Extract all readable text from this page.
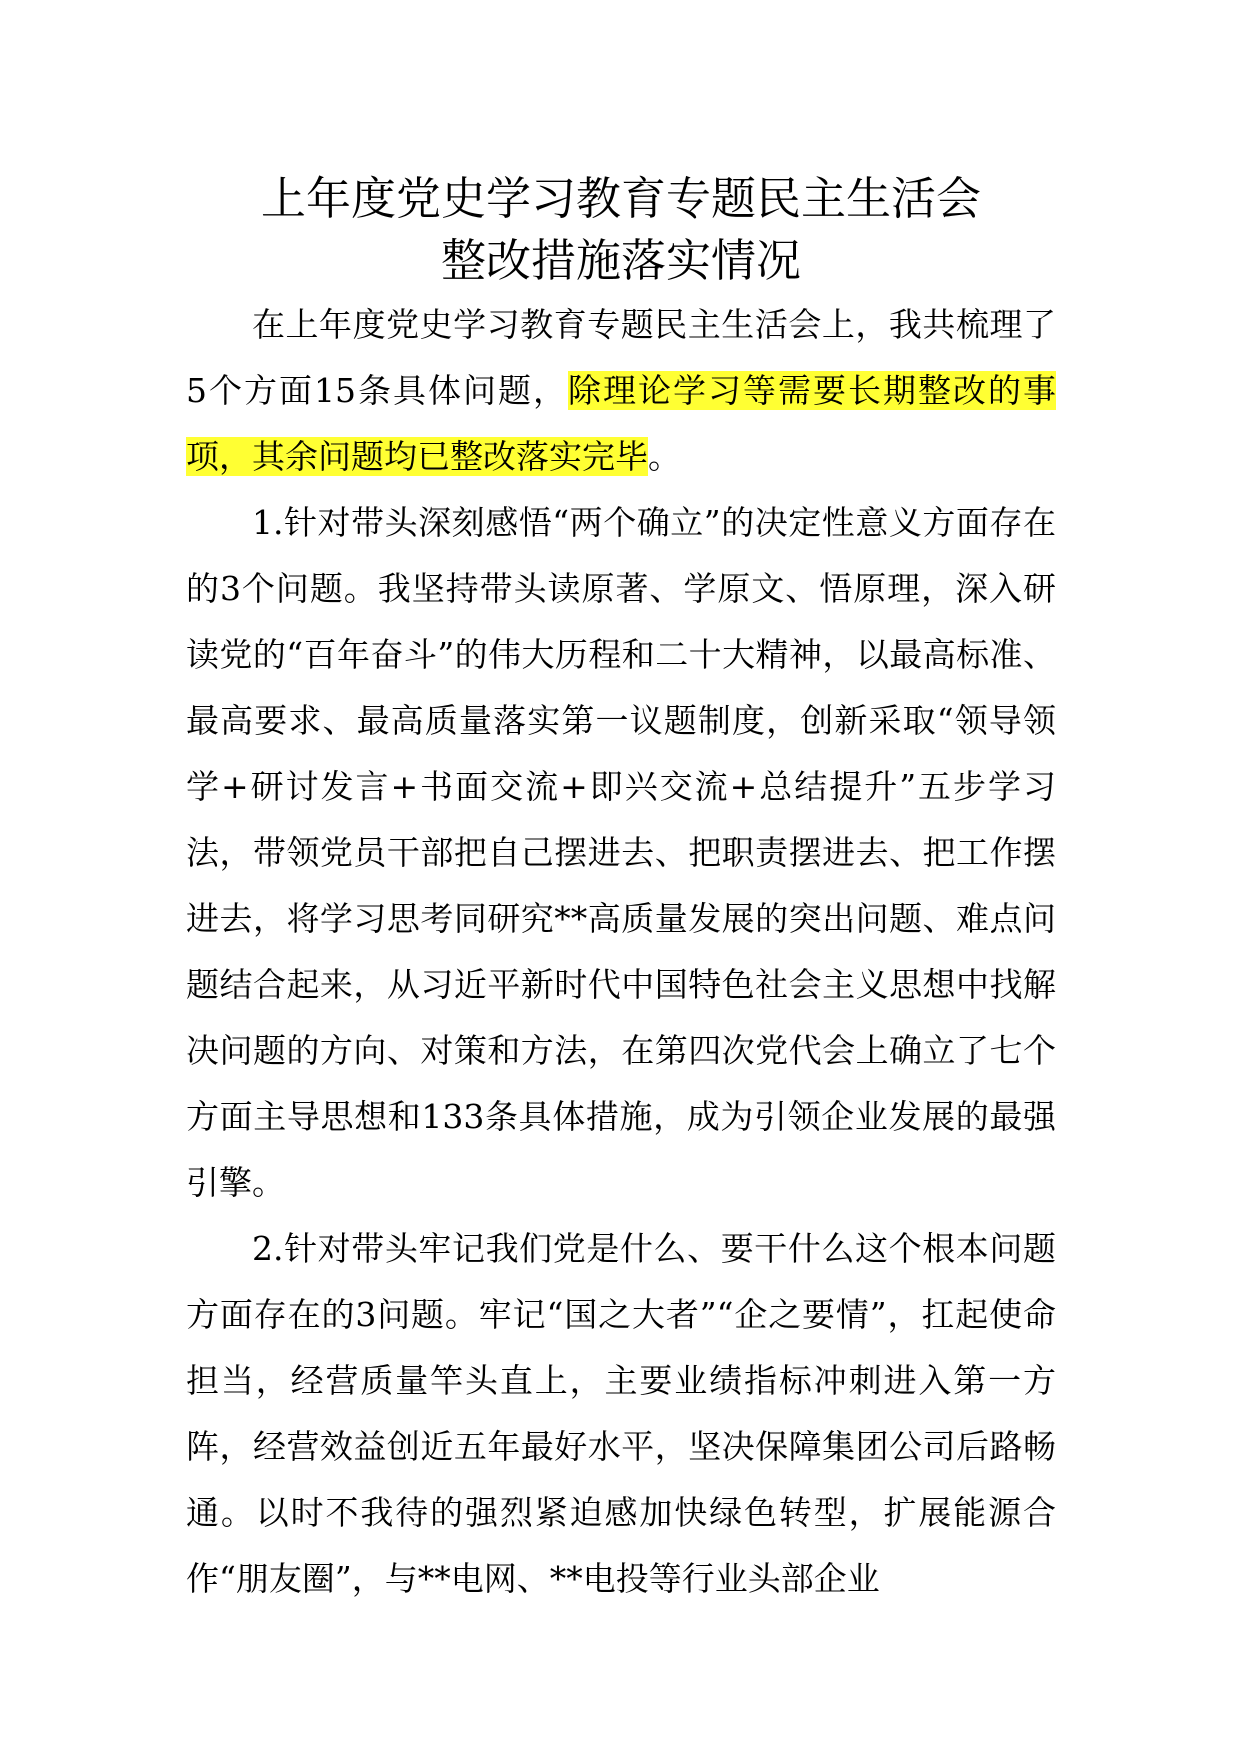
上年度党史学习教育专题民主生活会
整改措施落实情况

在上年度党史学习教育专题民主生活会上，我共梳理了5个方面15条具体问题，除理论学习等需要长期整改的事项，其余问题均已整改落实完毕。

1.针对带头深刻感悟“两个确立”的决定性意义方面存在的3个问题。我坚持带头读原著、学原文、悟原理，深入研读党的“百年奋斗”的伟大历程和二十大精神，以最高标准、最高要求、最高质量落实第一议题制度，创新采取“领导领学+研讨发言+书面交流+即兴交流+总结提升”五步学习法，带领党员干部把自己摆进去、把职责摆进去、把工作摆进去，将学习思考同研究**高质量发展的突出问题、难点问题结合起来，从习近平新时代中国特色社会主义思想中找解决问题的方向、对策和方法，在第四次党代会上确立了七个方面主导思想和133条具体措施，成为引领企业发展的最强引擎。

2.针对带头牢记我们党是什么、要干什么这个根本问题方面存在的3问题。牢记“国之大者”“企之要情”，扛起使命担当，经营质量竿头直上，主要业绩指标冲刺进入第一方阵，经营效益创近五年最好水平，坚决保障集团公司后路畅通。以时不我待的强烈紧迫感加快绿色转型，扩展能源合作“朋友圈”，与**电网、**电投等行业头部企业
